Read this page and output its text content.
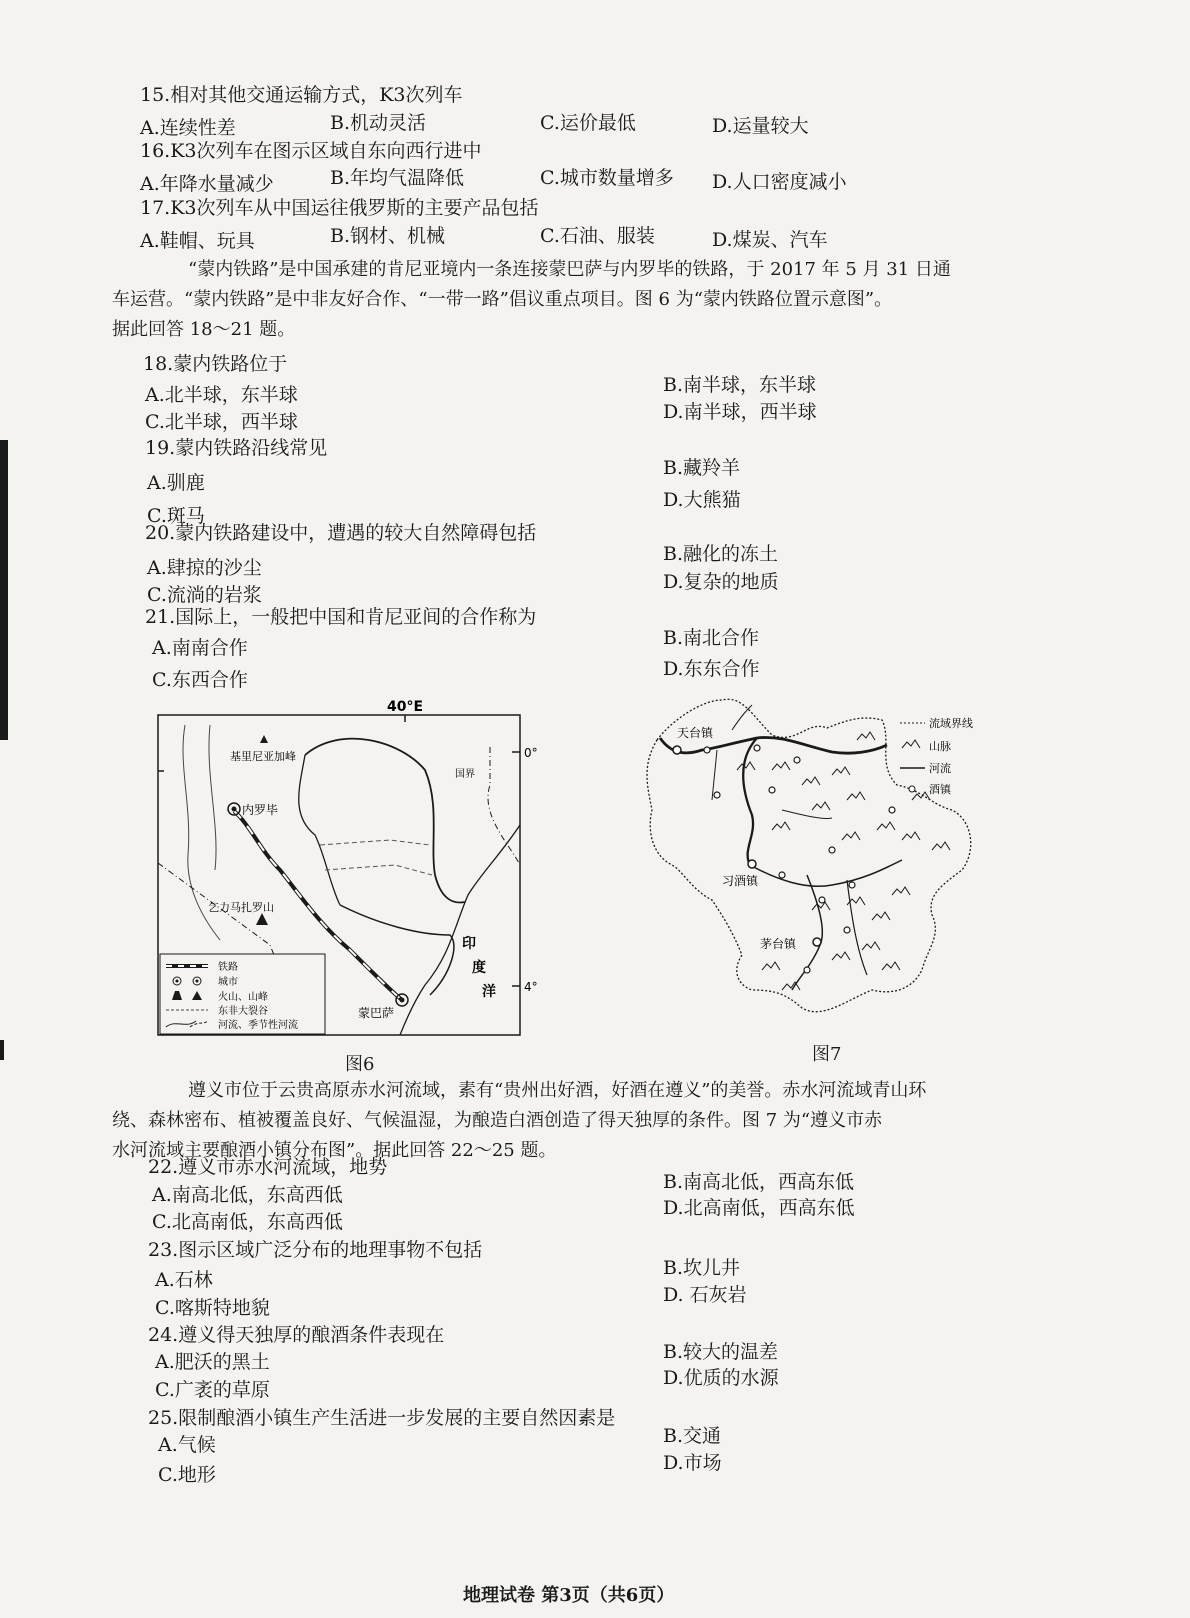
15.相对其他交通运输方式，K3次列车
A.连续性差	B.机动灵活	C.运价最低	D.运量较大
16.K3次列车在图示区域自东向西行进中
A.年降水量减少	B.年均气温降低	C.城市数量增多 D.人口密度减小
17.K3次列车从中国运往俄罗斯的主要产品包括
A.鞋帽、玩具	B.钢材、机械	C.石油、服装	D.煤炭、汽车
“蒙内铁路”是中国承建的肯尼亚境内一条连接蒙巴萨与内罗毕的铁路，于 2017 年 5 月 31 日通
车运营。“蒙内铁路”是中非友好合作、“一带一路”倡议重点项目。图 6 为“蒙内铁路位置示意图”。
据此回答 18～21 题。
18.蒙内铁路位于
A.北半球，东半球	B.南半球，东半球
C.北半球，西半球	D.南半球，西半球
19.蒙内铁路沿线常见
A.驯鹿
B.藏羚羊
C.斑马
D.大熊猫
20.蒙内铁路建设中，遭遇的较大自然障碍包括
A.肆掠的沙尘
B.融化的冻土
C.流淌的岩浆
D.复杂的地质
21.国际上，一般把中国和肯尼亚间的合作称为
A.南南合作	B.南北合作
C.东西合作	D.东东合作
40°E
0°
4°
国界
印
度
洋
基里尼亚加峰
乞力马扎罗山
内罗毕
蒙巴萨
铁路
城市
火山、山峰
东非大裂谷
河流、季节性河流
图6
天台镇
习酒镇
茅台镇
流域界线
山脉
河流
酒镇
图7
遵义市位于云贵高原赤水河流域，素有“贵州出好酒，好酒在遵义”的美誉。赤水河流域青山环
绕、森林密布、植被覆盖良好、气候温湿，为酿造白酒创造了得天独厚的条件。图 7 为“遵义市赤
水河流域主要酿酒小镇分布图”。据此回答 22～25 题。
22.遵义市赤水河流域，地势
A.南高北低，东高西低
B.南高北低，西高东低
C.北高南低，东高西低
D.北高南低，西高东低
23.图示区域广泛分布的地理事物不包括
A.石林
B.坎儿井
C.喀斯特地貌
D. 石灰岩
24.遵义得天独厚的酿酒条件表现在
A.肥沃的黑土	B.较大的温差
C.广袤的草原
D.优质的水源
25.限制酿酒小镇生产生活进一步发展的主要自然因素是
A.气候	B.交通
C.地形
D.市场
地理试卷 第3页（共6页）
